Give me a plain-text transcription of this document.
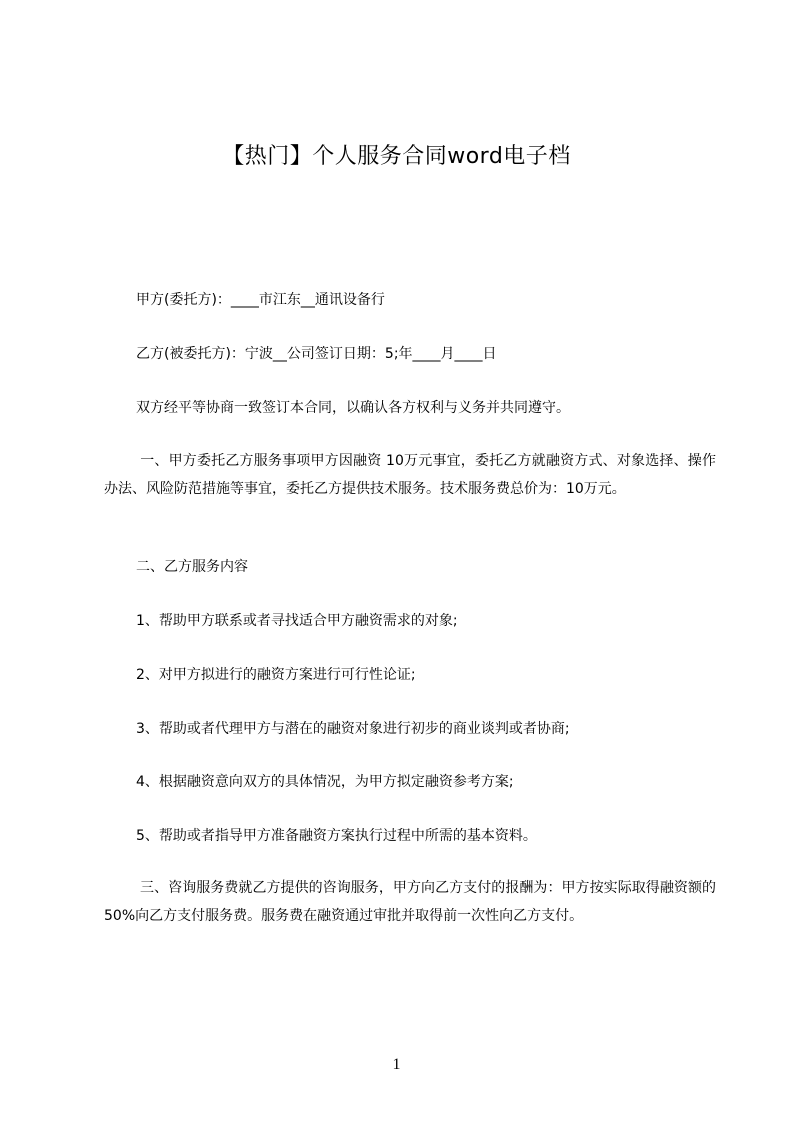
【热门】个人服务合同word电子档
甲方(委托方)：____市江东__通讯设备行
乙方(被委托方)：宁波__公司签订日期：5;年____月____日
双方经平等协商一致签订本合同，以确认各方权利与义务并共同遵守。
一、甲方委托乙方服务事项甲方因融资 10万元事宜，委托乙方就融资方式、对象选择、操作办法、风险防范措施等事宜，委托乙方提供技术服务。技术服务费总价为：10万元。
二、乙方服务内容
1、帮助甲方联系或者寻找适合甲方融资需求的对象;
2、对甲方拟进行的融资方案进行可行性论证;
3、帮助或者代理甲方与潜在的融资对象进行初步的商业谈判或者协商;
4、根据融资意向双方的具体情况，为甲方拟定融资参考方案;
5、帮助或者指导甲方准备融资方案执行过程中所需的基本资料。
三、咨询服务费就乙方提供的咨询服务，甲方向乙方支付的报酬为：甲方按实际取得融资额的50%向乙方支付服务费。服务费在融资通过审批并取得前一次性向乙方支付。
1
